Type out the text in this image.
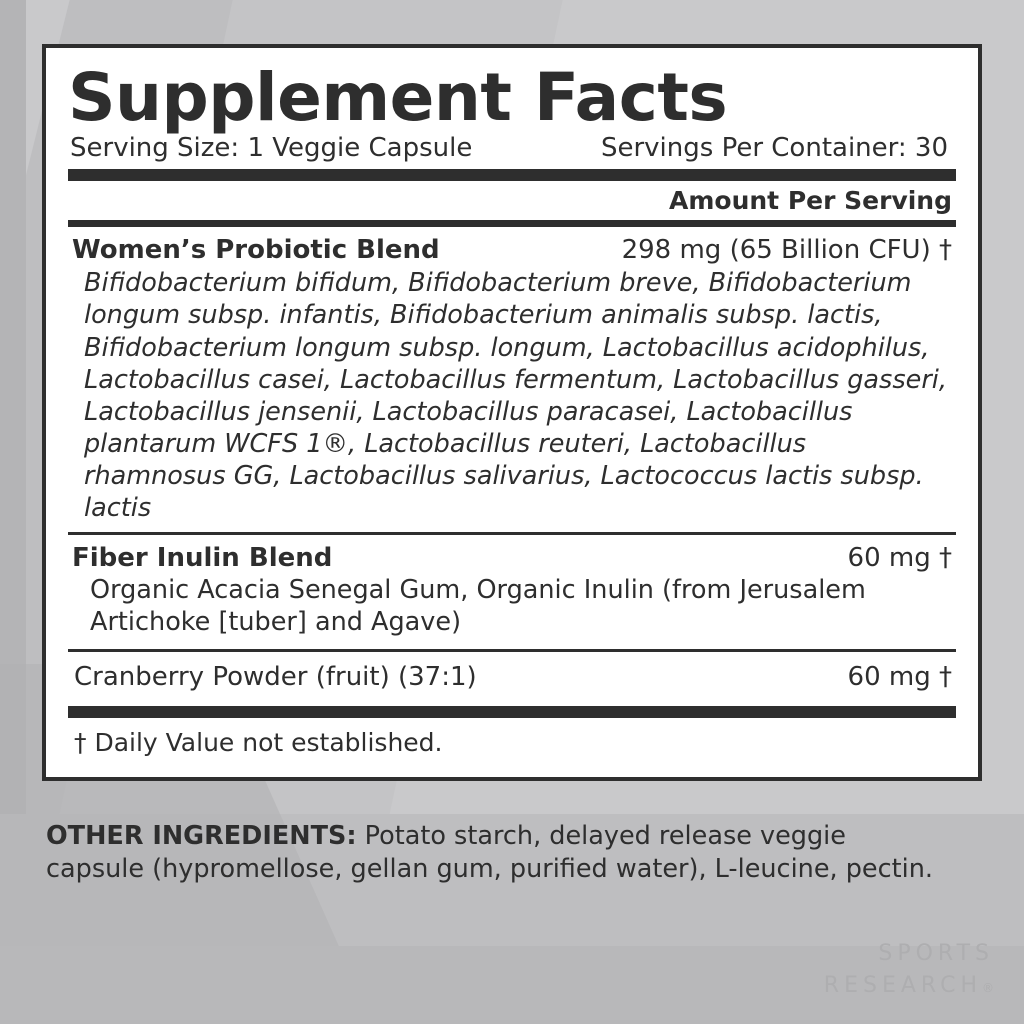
Supplement Facts
Serving Size: 1 Veggie Capsule	Servings Per Container: 30
Amount Per Serving
Women’s Probiotic Blend	298 mg (65 Billion CFU) †
Bifidobacterium bifidum, Bifidobacterium breve, Bifidobacterium longum subsp. infantis, Bifidobacterium animalis subsp. lactis, Bifidobacterium longum subsp. longum, Lactobacillus acidophilus, Lactobacillus casei, Lactobacillus fermentum, Lactobacillus gasseri, Lactobacillus jensenii, Lactobacillus paracasei, Lactobacillus plantarum WCFS 1®, Lactobacillus reuteri, Lactobacillus rhamnosus GG, Lactobacillus salivarius, Lactococcus lactis subsp. lactis
Fiber Inulin Blend	60 mg †
Organic Acacia Senegal Gum, Organic Inulin (from Jerusalem Artichoke [tuber] and Agave)
Cranberry Powder (fruit) (37:1)	60 mg †
† Daily Value not established.
OTHER INGREDIENTS: Potato starch, delayed release veggie capsule (hypromellose, gellan gum, purified water), L-leucine, pectin.
SPORTS
RESEARCH®
